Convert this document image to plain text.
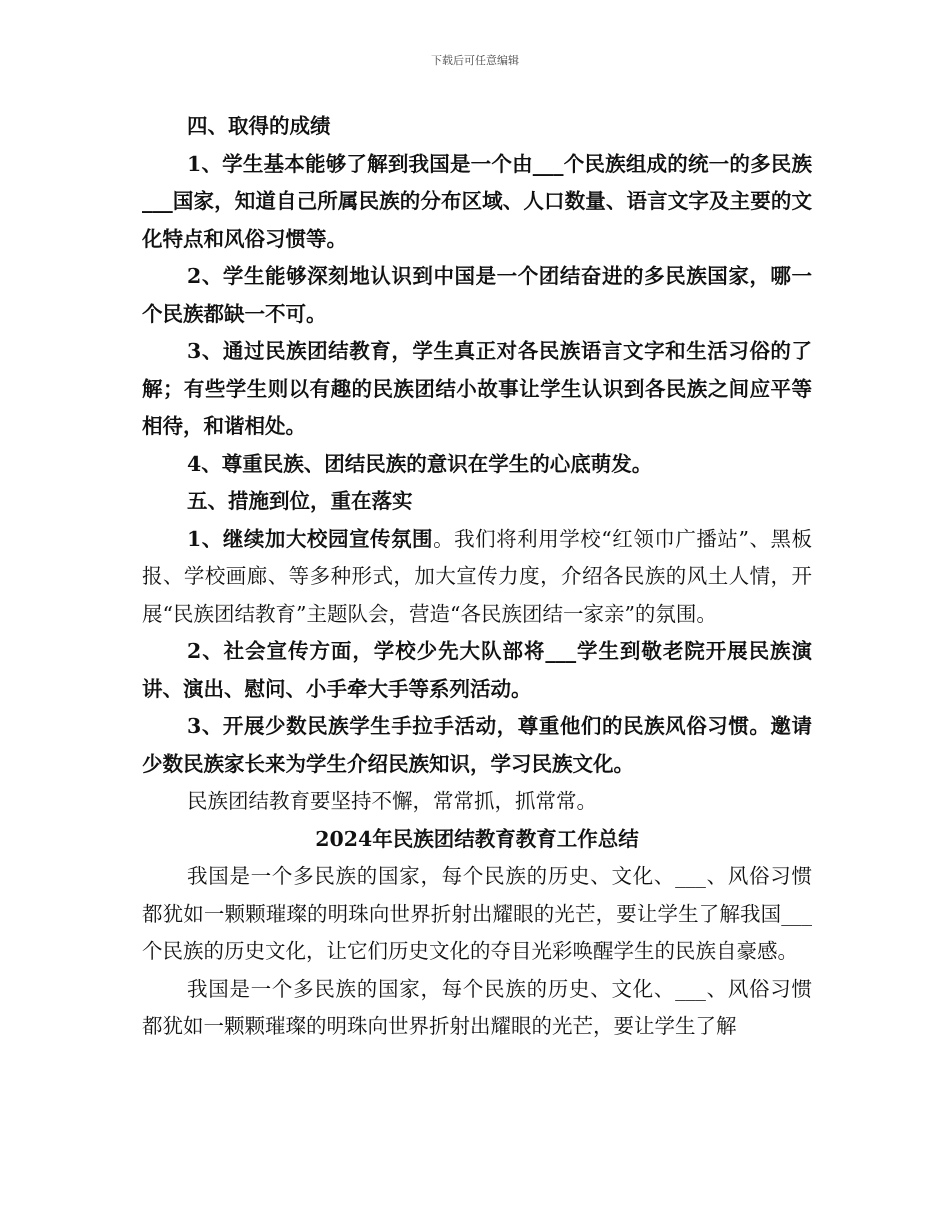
下载后可任意编辑

四、取得的成绩

1、学生基本能够了解到我国是一个由___个民族组成的统一的多民族___国家，知道自己所属民族的分布区域、人口数量、语言文字及主要的文化特点和风俗习惯等。

2、学生能够深刻地认识到中国是一个团结奋进的多民族国家，哪一个民族都缺一不可。

3、通过民族团结教育，学生真正对各民族语言文字和生活习俗的了解；有些学生则以有趣的民族团结小故事让学生认识到各民族之间应平等相待，和谐相处。

4、尊重民族、团结民族的意识在学生的心底萌发。

五、措施到位，重在落实

1、继续加大校园宣传氛围。我们将利用学校“红领巾广播站”、黑板报、学校画廊、等多种形式，加大宣传力度，介绍各民族的风土人情，开展“民族团结教育”主题队会，营造“各民族团结一家亲”的氛围。

2、社会宣传方面，学校少先大队部将___学生到敬老院开展民族演讲、演出、慰问、小手牵大手等系列活动。

3、开展少数民族学生手拉手活动，尊重他们的民族风俗习惯。邀请少数民族家长来为学生介绍民族知识，学习民族文化。

民族团结教育要坚持不懈，常常抓，抓常常。

2024年民族团结教育教育工作总结

我国是一个多民族的国家，每个民族的历史、文化、___、风俗习惯都犹如一颗颗璀璨的明珠向世界折射出耀眼的光芒，要让学生了解我国___个民族的历史文化，让它们历史文化的夺目光彩唤醒学生的民族自豪感。

我国是一个多民族的国家，每个民族的历史、文化、___、风俗习惯都犹如一颗颗璀璨的明珠向世界折射出耀眼的光芒，要让学生了解
